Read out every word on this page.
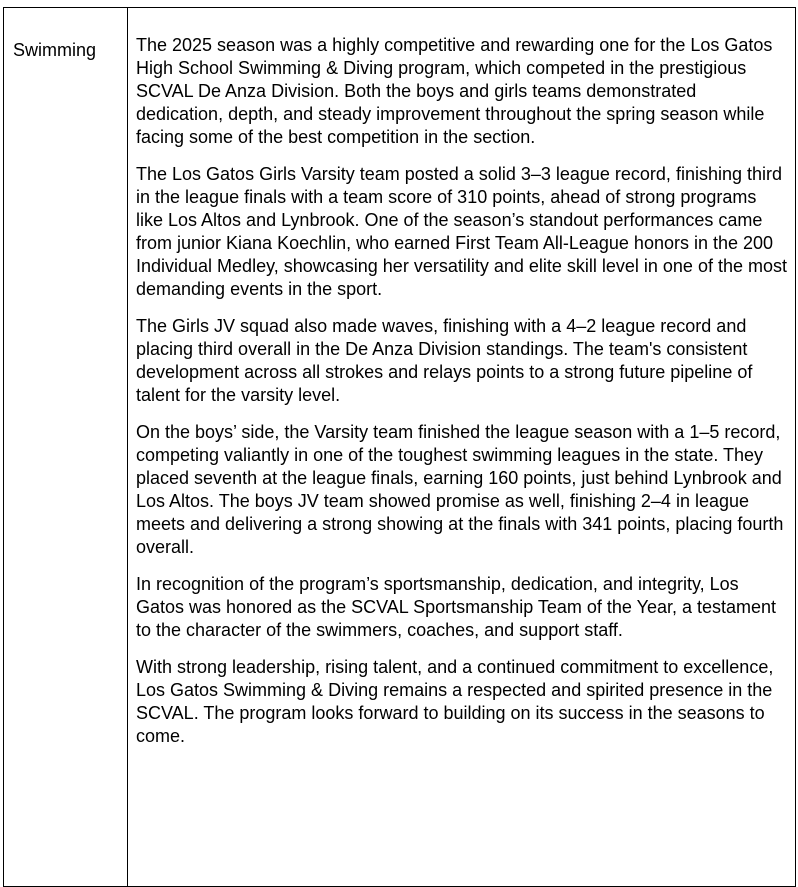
Swimming	The 2025 season was a highly competitive and rewarding one for the Los Gatos High School Swimming & Diving program, which competed in the prestigious SCVAL De Anza Division. Both the boys and girls teams demonstrated dedication, depth, and steady improvement throughout the spring season while facing some of the best competition in the section.

The Los Gatos Girls Varsity team posted a solid 3–3 league record, finishing third in the league finals with a team score of 310 points, ahead of strong programs like Los Altos and Lynbrook. One of the season’s standout performances came from junior Kiana Koechlin, who earned First Team All-League honors in the 200 Individual Medley, showcasing her versatility and elite skill level in one of the most demanding events in the sport.

The Girls JV squad also made waves, finishing with a 4–2 league record and placing third overall in the De Anza Division standings. The team's consistent development across all strokes and relays points to a strong future pipeline of talent for the varsity level.

On the boys’ side, the Varsity team finished the league season with a 1–5 record, competing valiantly in one of the toughest swimming leagues in the state. They placed seventh at the league finals, earning 160 points, just behind Lynbrook and Los Altos. The boys JV team showed promise as well, finishing 2–4 in league meets and delivering a strong showing at the finals with 341 points, placing fourth overall.

In recognition of the program’s sportsmanship, dedication, and integrity, Los Gatos was honored as the SCVAL Sportsmanship Team of the Year, a testament to the character of the swimmers, coaches, and support staff.

With strong leadership, rising talent, and a continued commitment to excellence, Los Gatos Swimming & Diving remains a respected and spirited presence in the SCVAL. The program looks forward to building on its success in the seasons to come.
